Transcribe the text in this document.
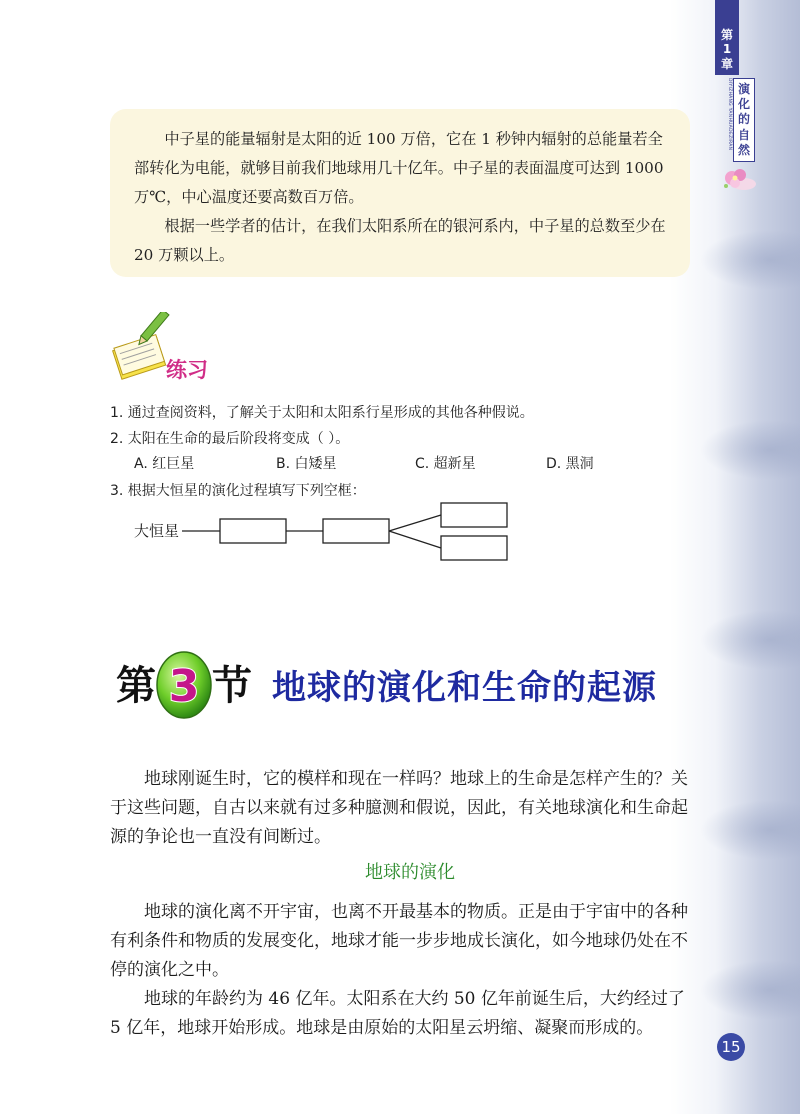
第
1
章
DIYIZHANG YANHUADEZIRAN 演
化
的
自
然

中子星的能量辐射是太阳的近 100 万倍，它在 1 秒钟内辐射的总能量若全部转化为电能，就够目前我们地球用几十亿年。中子星的表面温度可达到 1000 万℃，中心温度还要高数百万倍。

根据一些学者的估计，在我们太阳系所在的银河系内，中子星的总数至少在 20 万颗以上。

练习
1. 通过查阅资料，了解关于太阳和太阳系行星形成的其他各种假说。
2. 太阳在生命的最后阶段将变成（ ）。
A. 红巨星	B. 白矮星	C. 超新星	D. 黑洞
3. 根据大恒星的演化过程填写下列空框：
大恒星
第 3 节 地球的演化和生命的起源

地球刚诞生时，它的模样和现在一样吗？地球上的生命是怎样产生的？关于这些问题，自古以来就有过多种臆测和假说，因此，有关地球演化和生命起源的争论也一直没有间断过。

地球的演化

地球的演化离不开宇宙，也离不开最基本的物质。正是由于宇宙中的各种有利条件和物质的发展变化，地球才能一步步地成长演化，如今地球仍处在不停的演化之中。

地球的年龄约为 46 亿年。太阳系在大约 50 亿年前诞生后，大约经过了 5 亿年，地球开始形成。地球是由原始的太阳星云坍缩、凝聚而形成的。

15
